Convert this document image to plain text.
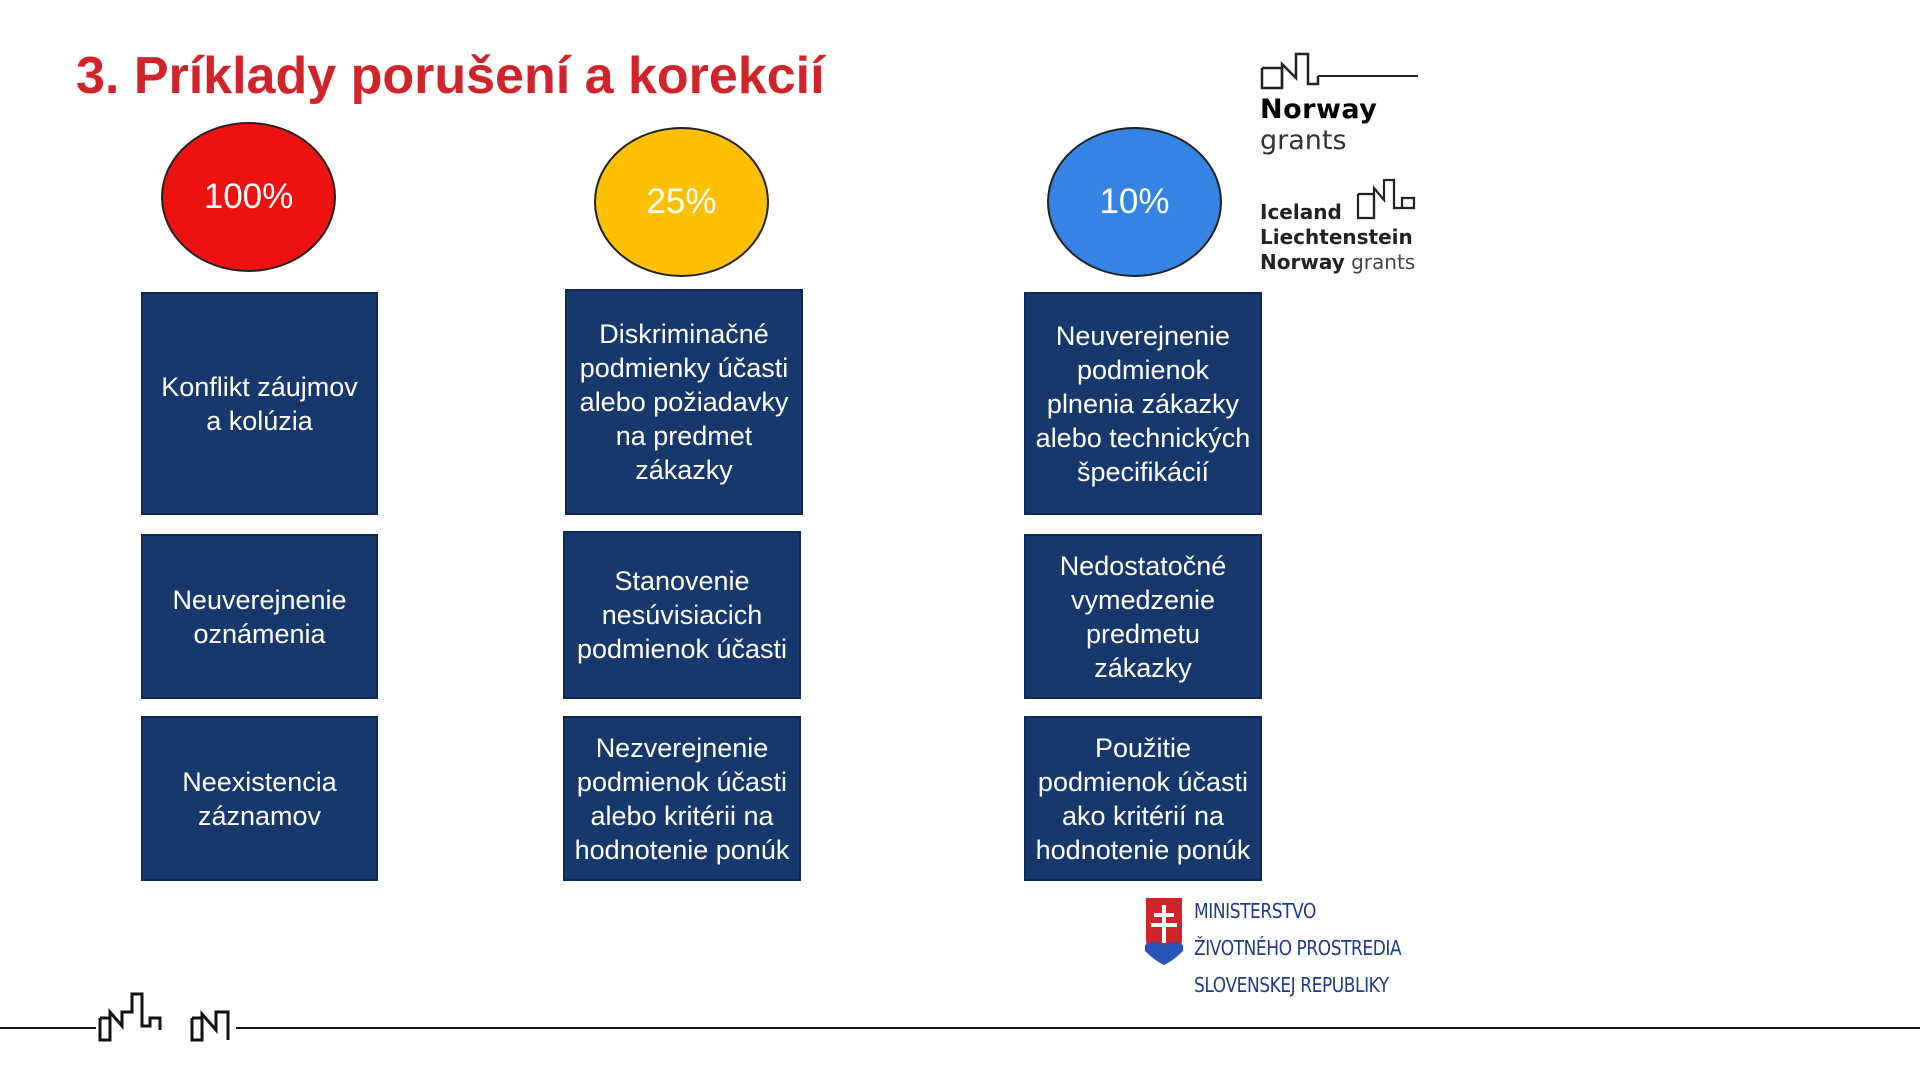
3. Príklady porušení a korekcií
100%
Konflikt záujmov
a kolúzia
Neuverejnenie
oznámenia
Neexistencia
záznamov
25%
Diskriminačné
podmienky účasti
alebo požiadavky
na predmet
zákazky
Stanovenie
nesúvisiacich
podmienok účasti
Nezverejnenie
podmienok účasti
alebo kritérii na
hodnotenie ponúk
10%
Neuverejnenie
podmienok
plnenia zákazky
alebo technických
špecifikácií
Nedostatočné
vymedzenie
predmetu
zákazky
Použitie
podmienok účasti
ako kritérií na
hodnotenie ponúk
Norway
grants
Iceland
Liechtenstein
Norway grants
MINISTERSTVO
ŽIVOTNÉHO PROSTREDIA
SLOVENSKEJ REPUBLIKY
